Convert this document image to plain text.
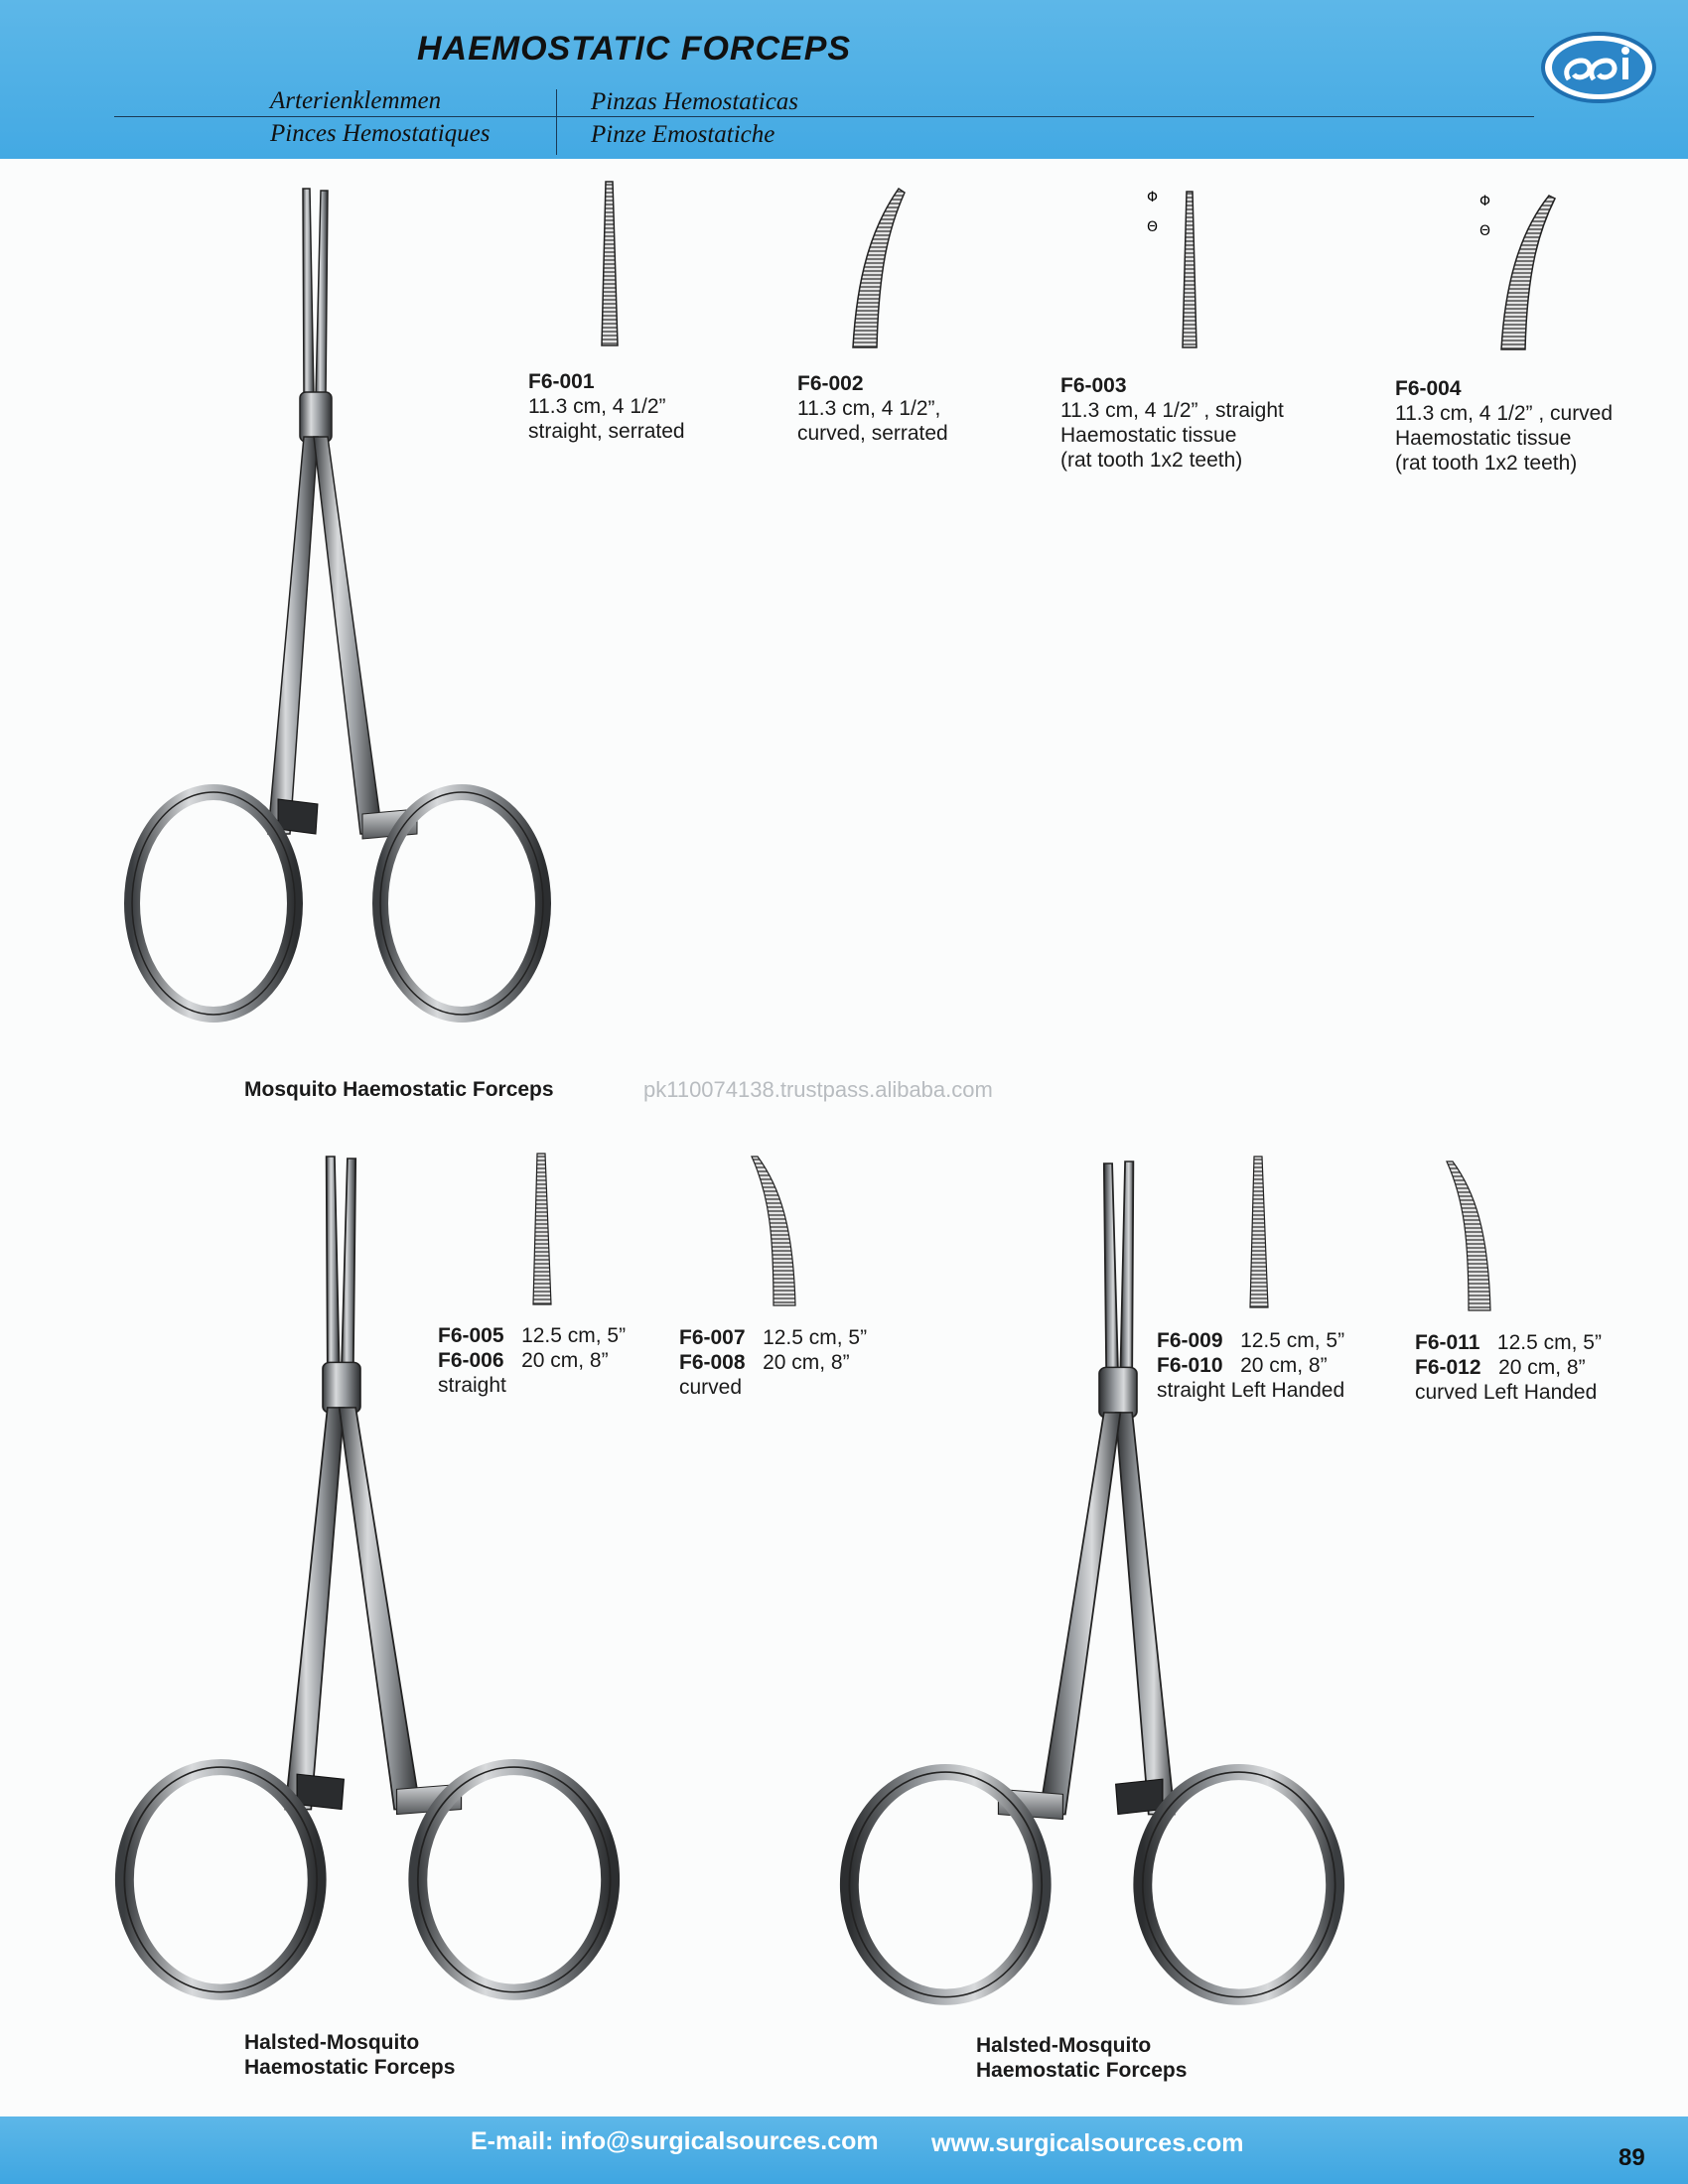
HAEMOSTATIC FORCEPS
Arterienklemmen
Pinces Hemostatiques
Pinzas Hemostaticas
Pinze Emostatiche
Φ
Θ
Φ
Θ
F6-001
11.3 cm, 4 1/2”
straight, serrated
F6-002
11.3 cm, 4 1/2”,
curved, serrated
F6-003
11.3 cm, 4 1/2” , straight
Haemostatic tissue
(rat tooth 1x2 teeth)
F6-004
11.3 cm, 4 1/2” , curved
Haemostatic tissue
(rat tooth 1x2 teeth)
Mosquito Haemostatic Forceps	pk110074138.trustpass.alibaba.com
F6-005 12.5 cm, 5”
F6-006 20 cm, 8”
straight
F6-007 12.5 cm, 5”
F6-008 20 cm, 8”
curved
F6-009 12.5 cm, 5”
F6-010 20 cm, 8”
straight Left Handed
F6-011 12.5 cm, 5”
F6-012 20 cm, 8”
curved Left Handed
Halsted-Mosquito
Haemostatic Forceps
Halsted-Mosquito
Haemostatic Forceps
E-mail: info@surgicalsources.com www.surgicalsources.com
89
